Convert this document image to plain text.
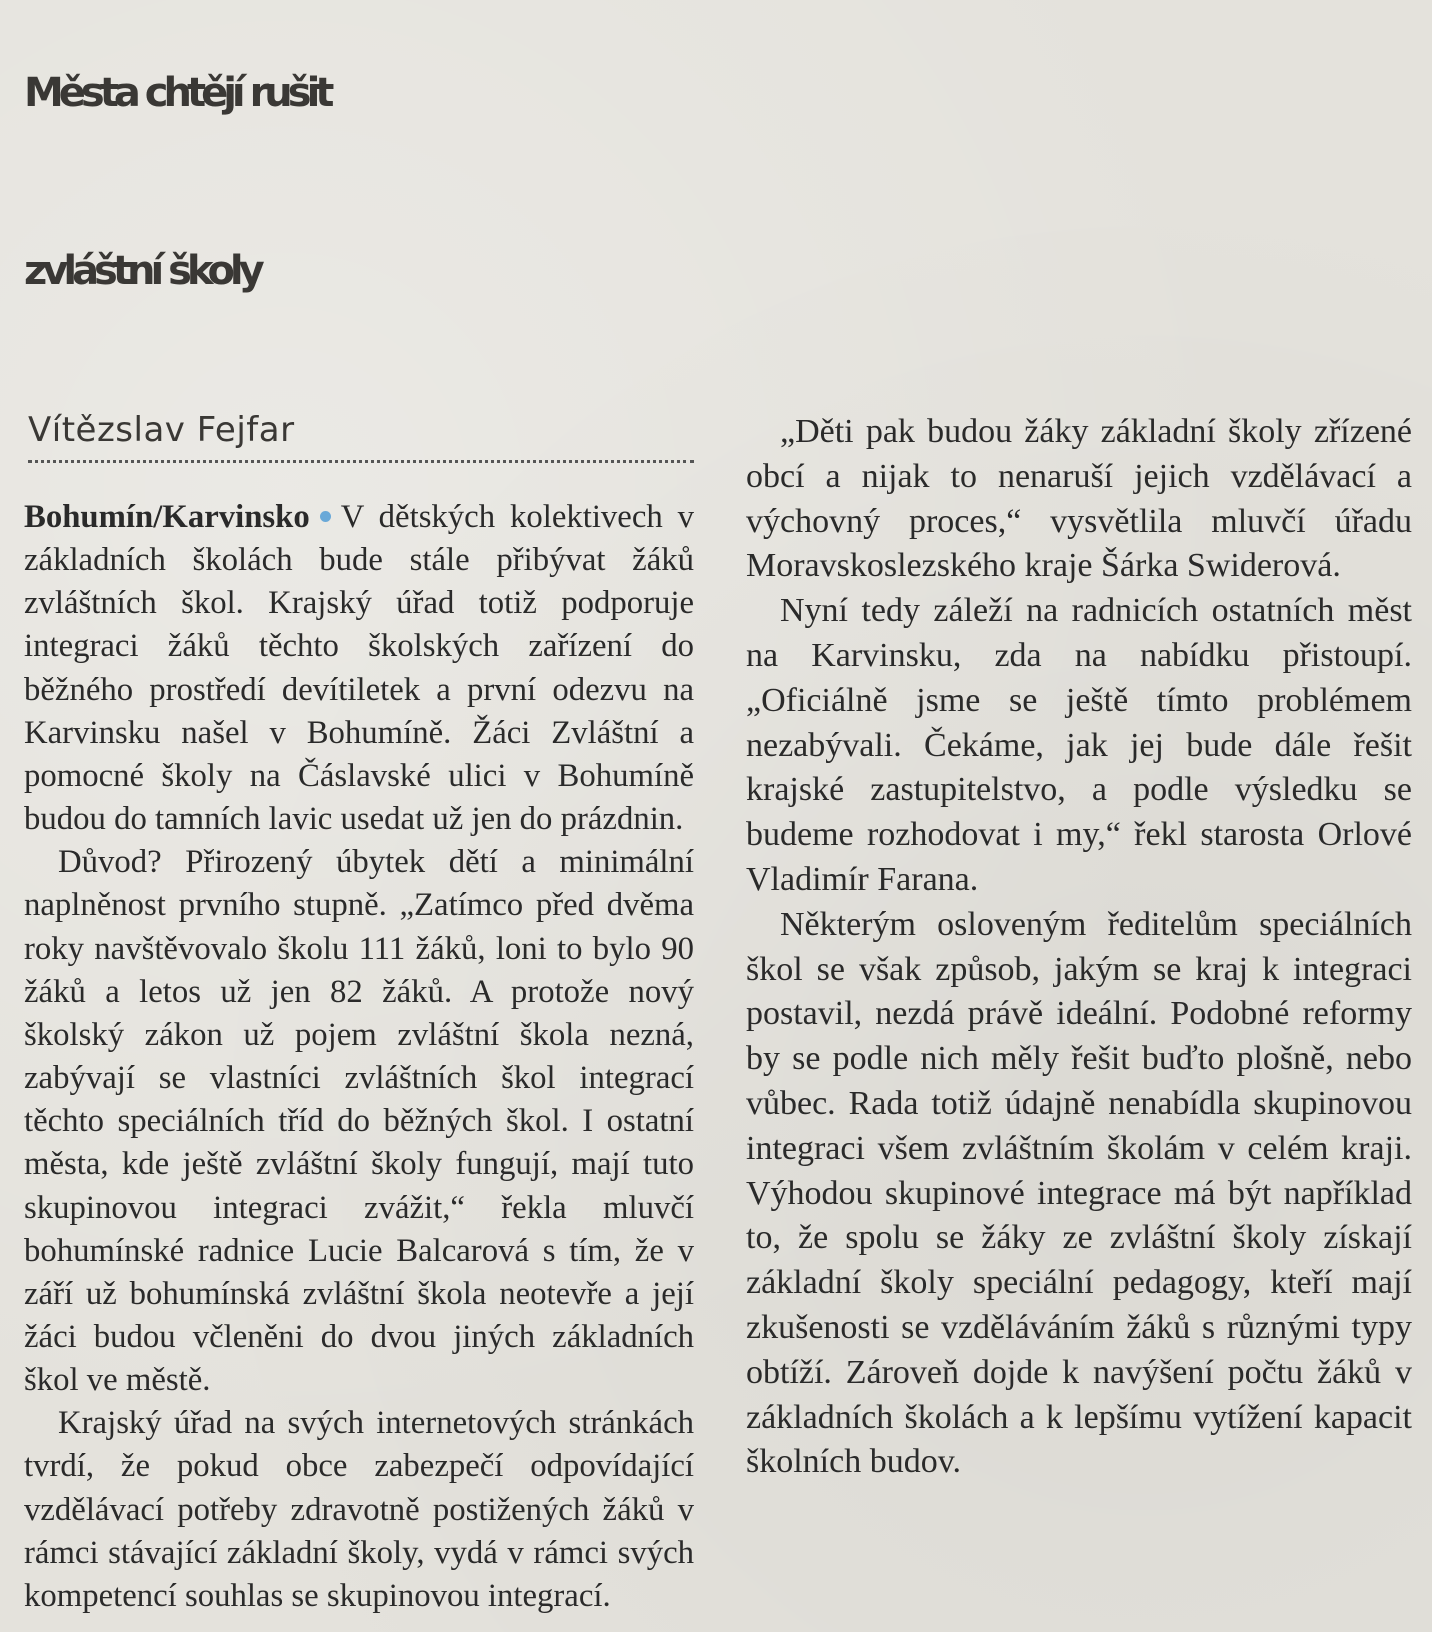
Města chtějí rušit
zvláštní školy
Vítězslav Fejfar

Bohumín/Karvinsko V dětských kolektivech v základních školách bude stále přibývat žáků zvláštních škol. Krajský úřad totiž podporuje integraci žáků těchto školských zařízení do běžného prostředí devítiletek a první odezvu na Karvinsku našel v Bohumíně. Žáci Zvláštní a pomocné školy na Čáslavské ulici v Bohumíně budou do tamních lavic usedat už jen do prázdnin.

Důvod? Přirozený úbytek dětí a minimální naplněnost prvního stupně. „Zatímco před dvěma roky navštěvovalo školu 111 žáků, loni to bylo 90 žáků a letos už jen 82 žáků. A protože nový školský zákon už pojem zvláštní škola nezná, zabývají se vlastníci zvláštních škol integrací těchto speciálních tříd do běžných škol. I ostatní města, kde ještě zvláštní školy fungují, mají tuto skupinovou integraci zvážit,“ řekla mluvčí bohumínské radnice Lucie Balcarová s tím, že v září už bohumínská zvláštní škola neotevře a její žáci budou včleněni do dvou jiných základních škol ve městě.

Krajský úřad na svých internetových stránkách tvrdí, že pokud obce zabezpečí odpovídající vzdělávací potřeby zdravotně postižených žáků v rámci stávající základní školy, vydá v rámci svých kompetencí souhlas se skupinovou integrací.

„Děti pak budou žáky základní školy zřízené obcí a nijak to nenaruší jejich vzdělávací a výchovný proces,“ vysvětlila mluvčí úřadu Moravskoslezského kraje Šárka Swiderová.

Nyní tedy záleží na radnicích ostatních měst na Karvinsku, zda na nabídku přistoupí. „Oficiálně jsme se ještě tímto problémem nezabývali. Čekáme, jak jej bude dále řešit krajské zastupitelstvo, a podle výsledku se budeme rozhodovat i my,“ řekl starosta Orlové Vladimír Farana.

Některým osloveným ředitelům speciálních škol se však způsob, jakým se kraj k integraci postavil, nezdá právě ideální. Podobné reformy by se podle nich měly řešit buďto plošně, nebo vůbec. Rada totiž údajně nenabídla skupinovou integraci všem zvláštním školám v celém kraji. Výhodou skupinové integrace má být například to, že spolu se žáky ze zvláštní školy získají základní školy speciální pedagogy, kteří mají zkušenosti se vzděláváním žáků s různými typy obtíží. Zároveň dojde k navýšení počtu žáků v základních školách a k lepšímu vytížení kapacit školních budov.
